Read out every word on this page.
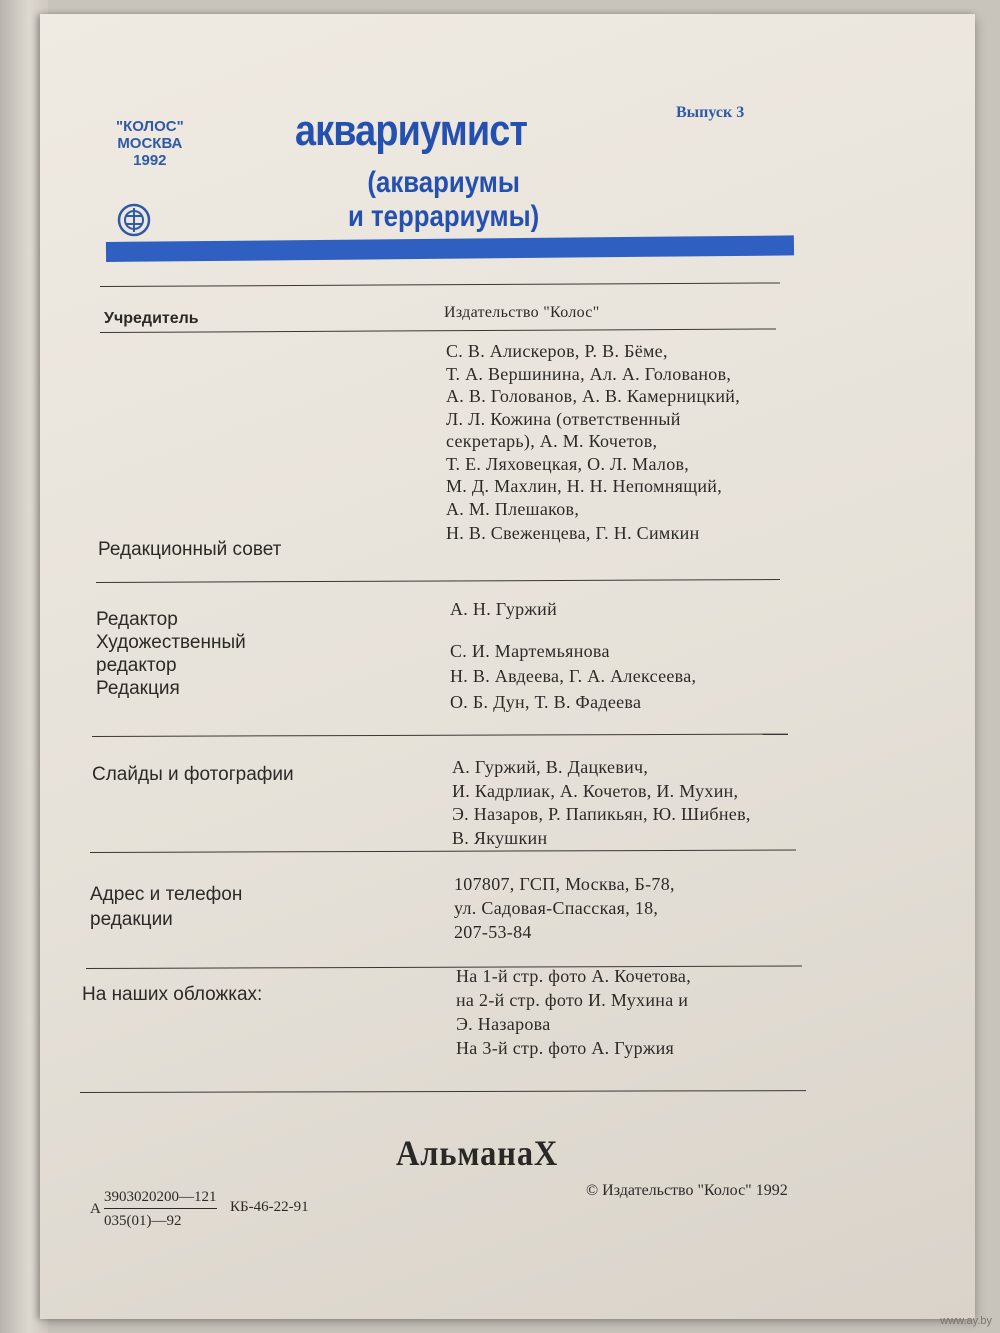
"КОЛОС"
МОСКВА
1992
аквариумист
(аквариумы
и террариумы)
Выпуск 3
Учредитель	Издательство "Колос"
С. В. Алискеров, Р. В. Бёме,
Т. А. Вершинина, Ал. А. Голованов,
А. В. Голованов, А. В. Камерницкий,
Л. Л. Кожина (ответственный
секретарь), А. М. Кочетов,
Т. Е. Ляховецкая, О. Л. Малов,
М. Д. Махлин, Н. Н. Непомнящий,
А. М. Плешаков,
Н. В. Свеженцева, Г. Н. Симкин
Редакционный совет
Редактор
Художественный
редактор
Редакция
А. Н. Гуржий
С. И. Мартемьянова
Н. В. Авдеева, Г. А. Алексеева,
О. Б. Дун, Т. В. Фадеева
Слайды и фотографии	А. Гуржий, В. Дацкевич,
И. Кадрлиак, А. Кочетов, И. Мухин,
Э. Назаров, Р. Папикьян, Ю. Шибнев,
В. Якушкин
Адрес и телефон
редакции
107807, ГСП, Москва, Б-78,
ул. Садовая-Спасская, 18,
207-53-84
На наших обложках:
На 1-й стр. фото А. Кочетова,
на 2-й стр. фото И. Мухина и
Э. Назарова
На 3-й стр. фото А. Гуржия
АльманаХ
А
3903020200—121
035(01)—92
КБ-46-22-91
© Издательство "Колос" 1992
www.ay.by
